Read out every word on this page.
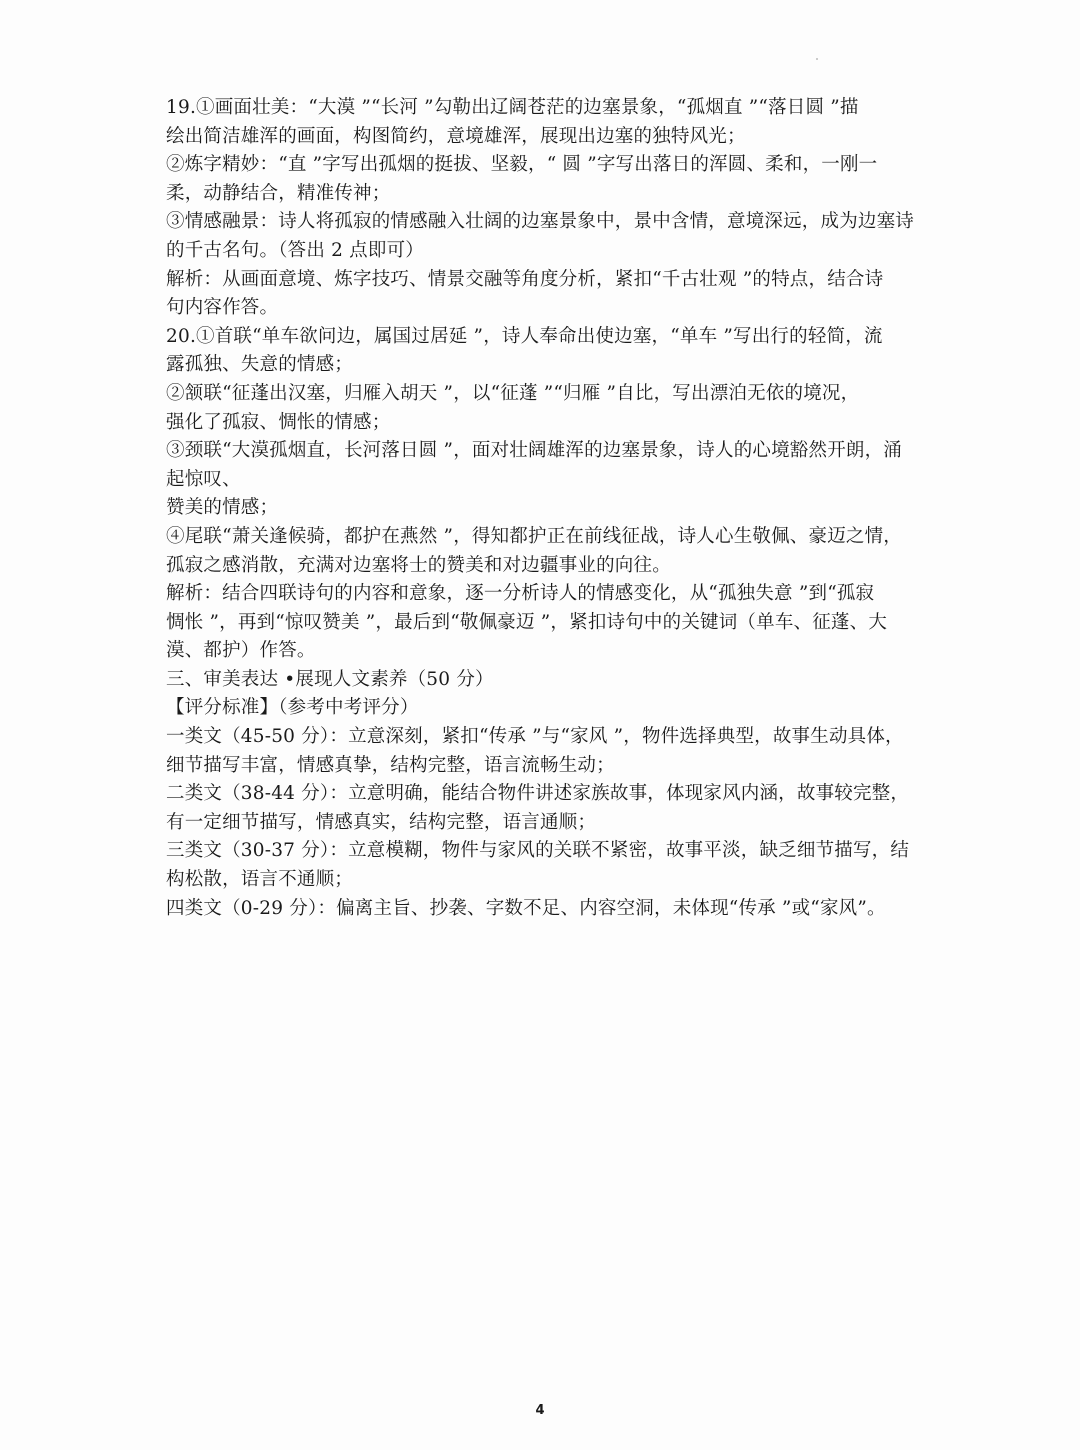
19.①画面壮美：“大漠 ”“长河 ”勾勒出辽阔苍茫的边塞景象，“孤烟直 ”“落日圆 ”描
绘出简洁雄浑的画面，构图简约，意境雄浑，展现出边塞的独特风光；
②炼字精妙：“直 ”字写出孤烟的挺拔、坚毅，“ 圆 ”字写出落日的浑圆、柔和，一刚一
柔，动静结合，精准传神；
③情感融景：诗人将孤寂的情感融入壮阔的边塞景象中，景中含情，意境深远，成为边塞诗
的千古名句。（答出 2 点即可）
解析：从画面意境、炼字技巧、情景交融等角度分析，紧扣“千古壮观 ”的特点，结合诗
句内容作答。
20.①首联“单车欲问边，属国过居延 ”，诗人奉命出使边塞，“单车 ”写出行的轻简，流
露孤独、失意的情感；
②颔联“征蓬出汉塞，归雁入胡天 ”，以“征蓬 ”“归雁 ”自比，写出漂泊无依的境况，
强化了孤寂、惆怅的情感；
③颈联“大漠孤烟直，长河落日圆 ”，面对壮阔雄浑的边塞景象，诗人的心境豁然开朗，涌
起惊叹、
赞美的情感；
④尾联“萧关逢候骑，都护在燕然 ”，得知都护正在前线征战，诗人心生敬佩、豪迈之情，
孤寂之感消散，充满对边塞将士的赞美和对边疆事业的向往。
解析：结合四联诗句的内容和意象，逐一分析诗人的情感变化，从“孤独失意 ”到“孤寂
惆怅 ”，再到“惊叹赞美 ”，最后到“敬佩豪迈 ”，紧扣诗句中的关键词（单车、征蓬、大
漠、都护）作答。
三、审美表达 •展现人文素养（50 分）
【评分标准】（参考中考评分）
一类文（45-50 分）：立意深刻，紧扣“传承 ”与“家风 ”，物件选择典型，故事生动具体，
细节描写丰富，情感真挚，结构完整，语言流畅生动；
二类文（38-44 分）：立意明确，能结合物件讲述家族故事，体现家风内涵，故事较完整，
有一定细节描写，情感真实，结构完整，语言通顺；
三类文（30-37 分）：立意模糊，物件与家风的关联不紧密，故事平淡，缺乏细节描写，结
构松散，语言不通顺；
四类文（0-29 分）：偏离主旨、抄袭、字数不足、内容空洞，未体现“传承 ”或“家风”。
4
